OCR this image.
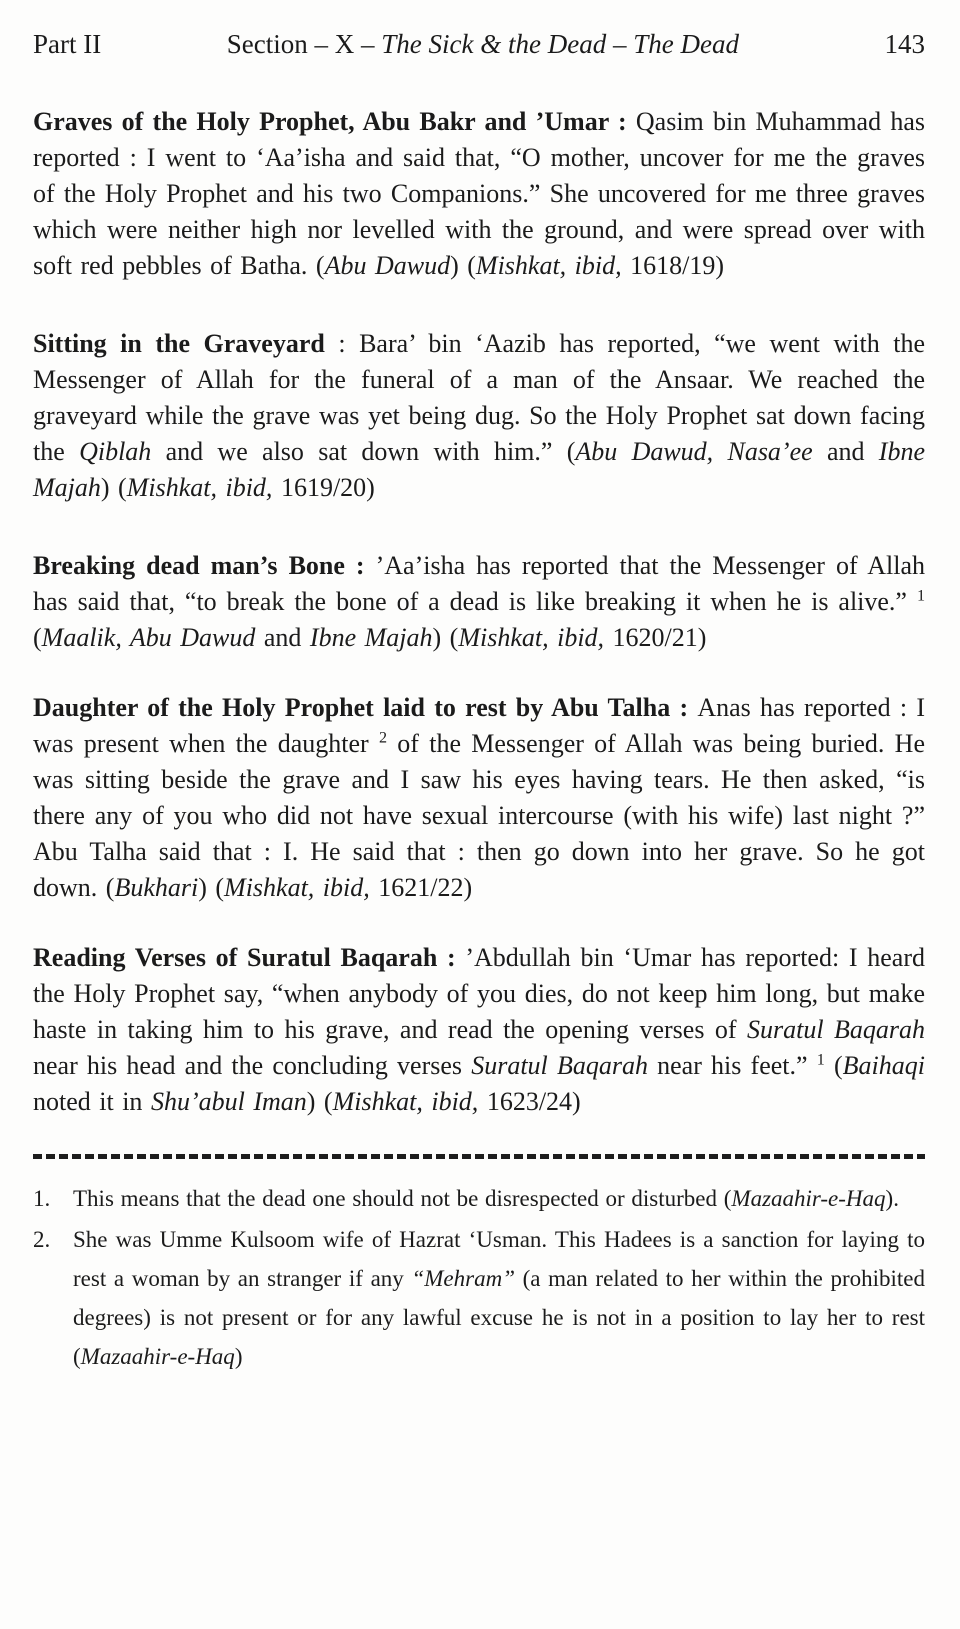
Part II	Section – X – The Sick & the Dead – The Dead	143

Graves of the Holy Prophet, Abu Bakr and ’Umar : Qasim bin Muhammad has reported : I went to ‘Aa’isha and said that, “O mother, uncover for me the graves of the Holy Prophet and his two Companions.” She uncovered for me three graves which were neither high nor levelled with the ground, and were spread over with soft red pebbles of Batha. (Abu Dawud) (Mishkat, ibid, 1618/19)

Sitting in the Graveyard : Bara’ bin ‘Aazib has reported, “we went with the Messenger of Allah for the funeral of a man of the Ansaar. We reached the graveyard while the grave was yet being dug. So the Holy Prophet sat down facing the Qiblah and we also sat down with him.” (Abu Dawud, Nasa’ee and Ibne Majah) (Mishkat, ibid, 1619/20)

Breaking dead man’s Bone : ’Aa’isha has reported that the Messenger of Allah has said that, “to break the bone of a dead is like breaking it when he is alive.” $^1$ (Maalik, Abu Dawud and Ibne Majah) (Mishkat, ibid, 1620/21)

Daughter of the Holy Prophet laid to rest by Abu Talha : Anas has reported : I was present when the daughter $^2$ of the Messenger of Allah was being buried. He was sitting beside the grave and I saw his eyes having tears. He then asked, “is there any of you who did not have sexual intercourse (with his wife) last night ?” Abu Talha said that : I. He said that : then go down into her grave. So he got down. (Bukhari) (Mishkat, ibid, 1621/22)

Reading Verses of Suratul Baqarah : ’Abdullah bin ‘Umar has reported: I heard the Holy Prophet say, “when anybody of you dies, do not keep him long, but make haste in taking him to his grave, and read the opening verses of Suratul Baqarah near his head and the concluding verses Suratul Baqarah near his feet.” $^1$ (Baihaqi noted it in Shu’abul Iman) (Mishkat, ibid, 1623/24)

1. This means that the dead one should not be disrespected or disturbed (Mazaahir-e-Haq).
2. She was Umme Kulsoom wife of Hazrat ‘Usman. This Hadees is a sanction for laying to rest a woman by an stranger if any “Mehram” (a man related to her within the prohibited degrees) is not present or for any lawful excuse he is not in a position to lay her to rest (Mazaahir-e-Haq)
